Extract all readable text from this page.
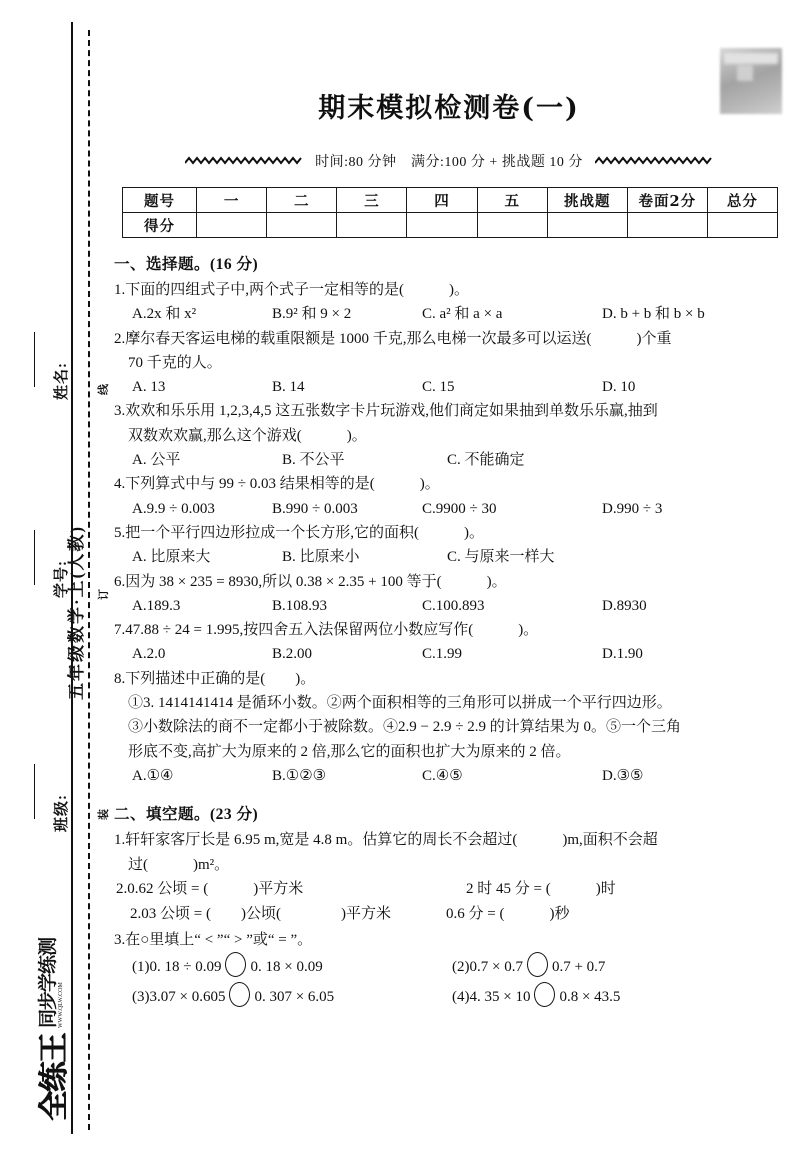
姓名:
学号:
班级:
五年级数学·上(人教)
装
订
线
全练王
同步学练测 WWW.QLW.COM
期末模拟检测卷(一)
时间:80 分钟　满分:100 分 + 挑战题 10 分
题号	一	二	三	四	五	挑战题	卷面2分	总分
得分								
一、选择题。(16 分)
1.下面的四组式子中,两个式子一定相等的是(　　　)。
A.2x 和 x²	B.9² 和 9 × 2	C. a² 和 a × a	D. b + b 和 b × b
2.摩尔春天客运电梯的载重限额是 1000 千克,那么电梯一次最多可以运送(　　　)个重
70 千克的人。
A. 13	B. 14	C. 15	D. 10
3.欢欢和乐乐用 1,2,3,4,5 这五张数字卡片玩游戏,他们商定如果抽到单数乐乐赢,抽到
双数欢欢赢,那么这个游戏(　　　)。
A. 公平	B. 不公平	C. 不能确定
4.下列算式中与 99 ÷ 0.03 结果相等的是(　　　)。
A.9.9 ÷ 0.003	B.990 ÷ 0.003	C.9900 ÷ 30	D.990 ÷ 3
5.把一个平行四边形拉成一个长方形,它的面积(　　　)。
A. 比原来大	B. 比原来小	C. 与原来一样大
6.因为 38 × 235 = 8930,所以 0.38 × 2.35 + 100 等于(　　　)。
A.189.3	B.108.93	C.100.893	D.8930
7.47.88 ÷ 24 = 1.995,按四舍五入法保留两位小数应写作(　　　)。
A.2.0	B.2.00	C.1.99	D.1.90
8.下列描述中正确的是(　　)。
①3. 1414141414 是循环小数。②两个面积相等的三角形可以拼成一个平行四边形。
③小数除法的商不一定都小于被除数。④2.9 − 2.9 ÷ 2.9 的计算结果为 0。⑤一个三角
形底不变,高扩大为原来的 2 倍,那么它的面积也扩大为原来的 2 倍。
A.①④	B.①②③	C.④⑤	D.③⑤
二、填空题。(23 分)
1.轩轩家客厅长是 6.95 m,宽是 4.8 m。估算它的周长不会超过(　　　)m,面积不会超
过(　　　)m²。
2.0.62 公顷 = (　　　)平方米	2 时 45 分 = (　　　)时
2.03 公顷 = (　　)公顷(　　　　)平方米	0.6 分 = (　　　)秒
3.在○里填上“ < ”“ > ”或“ = ”。
(1)0. 18 ÷ 0.09 0. 18 × 0.09	(2)0.7 × 0.7 0.7 + 0.7
(3)3.07 × 0.605 0. 307 × 6.05	(4)4. 35 × 10 0.8 × 43.5
